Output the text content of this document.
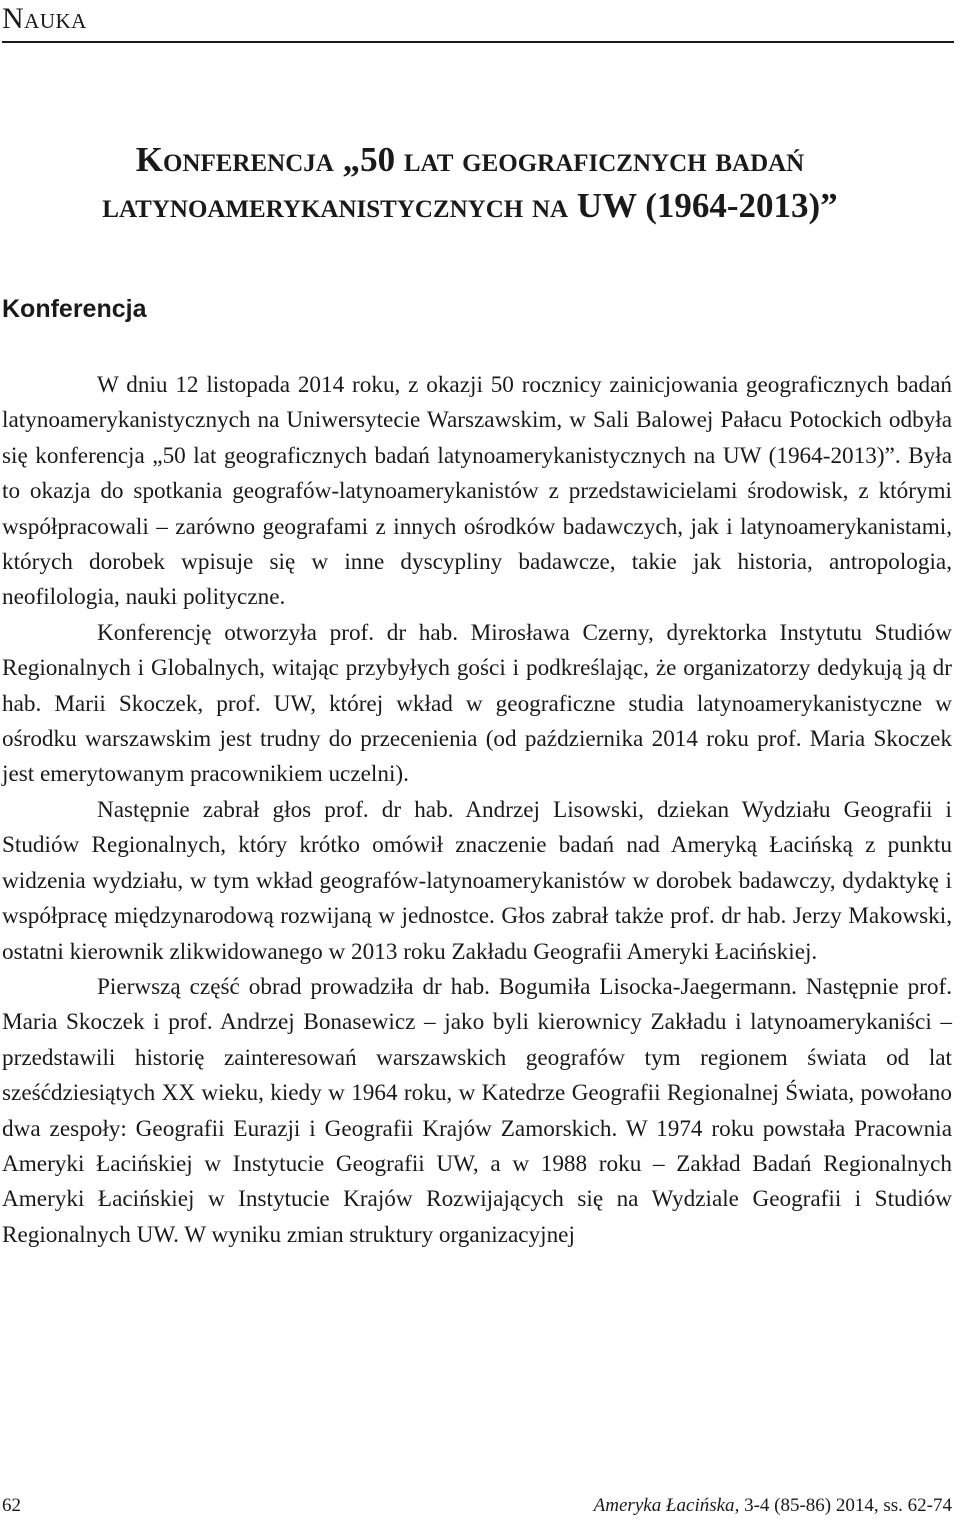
Nauka
Konferencja „50 lat geograficznych badań
latynoamerykanistycznych na UW (1964-2013)”
Konferencja

W dniu 12 listopada 2014 roku, z okazji 50 rocznicy zainicjowania geograficznych badań latynoamerykanistycznych na Uniwersytecie Warszawskim, w Sali Balowej Pałacu Potockich odbyła się konferencja „50 lat geograficznych badań latynoamerykanistycznych na UW (1964-2013)”. Była to okazja do spotkania geografów-latynoamerykanistów z przedstawicielami środowisk, z którymi współpracowali – zarówno geografami z innych ośrodków badawczych, jak i latynoamerykanistami, których dorobek wpisuje się w inne dyscypliny badawcze, takie jak historia, antropologia, neofilologia, nauki polityczne.

Konferencję otworzyła prof. dr hab. Mirosława Czerny, dyrektorka Instytutu Studiów Regionalnych i Globalnych, witając przybyłych gości i podkreślając, że organizatorzy dedykują ją dr hab. Marii Skoczek, prof. UW, której wkład w geograficzne studia latynoamerykanistyczne w ośrodku warszawskim jest trudny do przecenienia (od października 2014 roku prof. Maria Skoczek jest emerytowanym pracownikiem uczelni).

Następnie zabrał głos prof. dr hab. Andrzej Lisowski, dziekan Wydziału Geografii i Studiów Regionalnych, który krótko omówił znaczenie badań nad Ameryką Łacińską z punktu widzenia wydziału, w tym wkład geografów-latynoamerykanistów w dorobek badawczy, dydaktykę i współpracę międzynarodową rozwijaną w jednostce. Głos zabrał także prof. dr hab. Jerzy Makowski, ostatni kierownik zlikwidowanego w 2013 roku Zakładu Geografii Ameryki Łacińskiej.

Pierwszą część obrad prowadziła dr hab. Bogumiła Lisocka-Jaegermann. Następnie prof. Maria Skoczek i prof. Andrzej Bonasewicz – jako byli kierownicy Zakładu i latynoamerykaniści – przedstawili historię zainteresowań warszawskich geografów tym regionem świata od lat sześćdziesiątych XX wieku, kiedy w 1964 roku, w Katedrze Geografii Regionalnej Świata, powołano dwa zespoły: Geografii Eurazji i Geografii Krajów Zamorskich. W 1974 roku powstała Pracownia Ameryki Łacińskiej w Instytucie Geografii UW, a w 1988 roku – Zakład Badań Regionalnych Ameryki Łacińskiej w Instytucie Krajów Rozwijających się na Wydziale Geografii i Studiów Regionalnych UW. W wyniku zmian struktury organizacyjnej

62	Ameryka Łacińska, 3-4 (85-86) 2014, ss. 62-74
